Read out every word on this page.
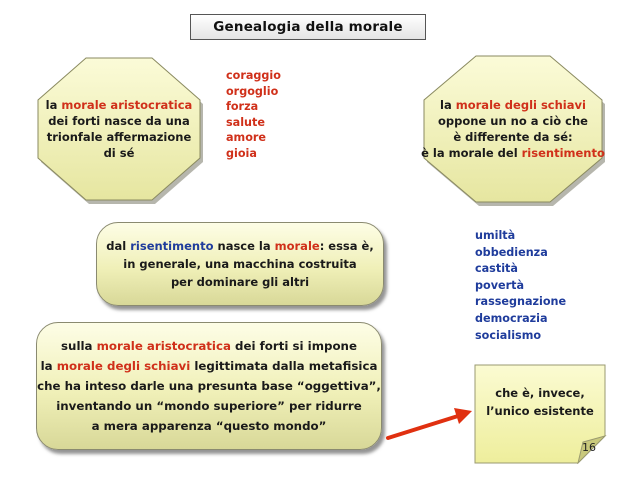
Genealogia della morale
la morale aristocratica
dei forti nasce da una
trionfale affermazione
di sé
coraggio
orgoglio
forza
salute
amore
gioia
la morale degli schiavi
oppone un no a ciò che
è differente da sé:
è la morale del risentimento
dal risentimento nasce la morale: essa è,
in generale, una macchina costruita
per dominare gli altri
umiltà
obbedienza
castità
povertà
rassegnazione
democrazia
socialismo
sulla morale aristocratica dei forti si impone
la morale degli schiavi legittimata dalla metafisica
che ha inteso darle una presunta base “oggettiva”,
inventando un “mondo superiore” per ridurre
a mera apparenza “questo mondo”
che è, invece,
l’unico esistente
16
